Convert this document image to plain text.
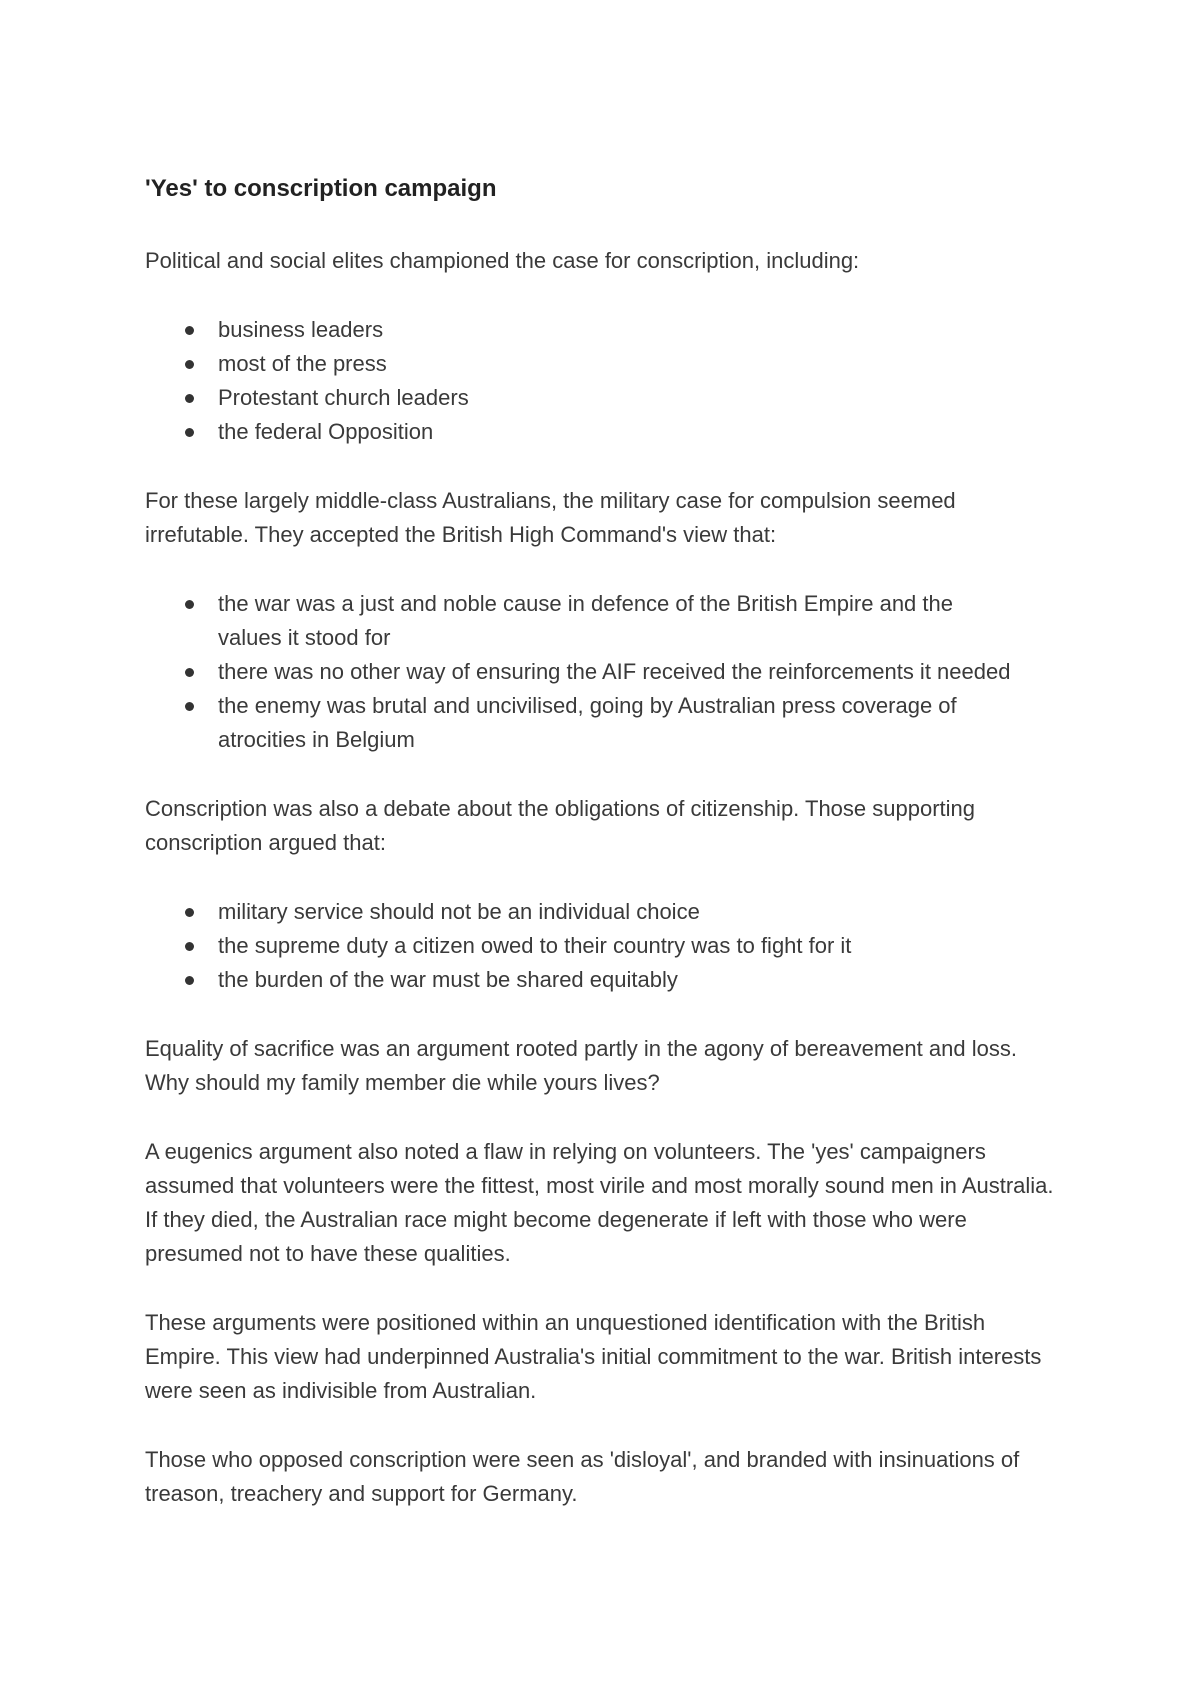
'Yes' to conscription campaign
Political and social elites championed the case for conscription, including:
business leaders
most of the press
Protestant church leaders
the federal Opposition
For these largely middle-class Australians, the military case for compulsion seemed irrefutable. They accepted the British High Command's view that:
the war was a just and noble cause in defence of the British Empire and the values it stood for
there was no other way of ensuring the AIF received the reinforcements it needed
the enemy was brutal and uncivilised, going by Australian press coverage of atrocities in Belgium
Conscription was also a debate about the obligations of citizenship. Those supporting conscription argued that:
military service should not be an individual choice
the supreme duty a citizen owed to their country was to fight for it
the burden of the war must be shared equitably
Equality of sacrifice was an argument rooted partly in the agony of bereavement and loss. Why should my family member die while yours lives?
A eugenics argument also noted a flaw in relying on volunteers. The 'yes' campaigners assumed that volunteers were the fittest, most virile and most morally sound men in Australia. If they died, the Australian race might become degenerate if left with those who were presumed not to have these qualities.
These arguments were positioned within an unquestioned identification with the British Empire. This view had underpinned Australia's initial commitment to the war. British interests were seen as indivisible from Australian.
Those who opposed conscription were seen as 'disloyal', and branded with insinuations of treason, treachery and support for Germany.
